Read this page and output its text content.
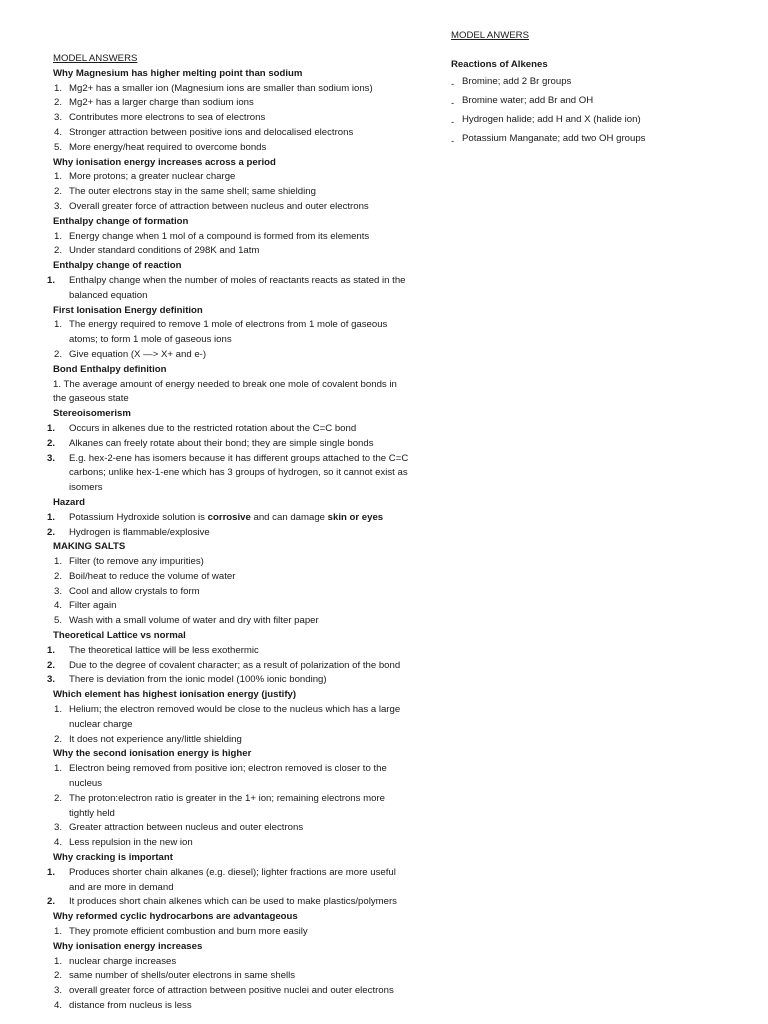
MODEL ANSWERS
Why Magnesium has higher melting point than sodium
1. Mg2+ has a smaller ion (Magnesium ions are smaller than sodium ions)
2. Mg2+ has a larger charge than sodium ions
3. Contributes more electrons to sea of electrons
4. Stronger attraction between positive ions and delocalised electrons
5. More energy/heat required to overcome bonds
Why ionisation energy increases across a period
1. More protons; a greater nuclear charge
2. The outer electrons stay in the same shell; same shielding
3. Overall greater force of attraction between nucleus and outer electrons
Enthalpy change of formation
1. Energy change when 1 mol of a compound is formed from its elements
2. Under standard conditions of 298K and 1atm
Enthalpy change of reaction
1. Enthalpy change when the number of moles of reactants reacts as stated in the
balanced equation
First Ionisation Energy definition
1. The energy required to remove 1 mole of electrons from 1 mole of gaseous
atoms; to form 1 mole of gaseous ions
2. Give equation (X —> X+ and e-)
Bond Enthalpy definition
1. The average amount of energy needed to break one mole of covalent bonds in
the gaseous state
Stereoisomerism
1. Occurs in alkenes due to the restricted rotation about the C=C bond
2. Alkanes can freely rotate about their bond; they are simple single bonds
3. E.g. hex-2-ene has isomers because it has different groups attached to the C=C
carbons; unlike hex-1-ene which has 3 groups of hydrogen, so it cannot exist as
isomers
Hazard
1. Potassium Hydroxide solution is corrosive and can damage skin or eyes
2. Hydrogen is flammable/explosive
MAKING SALTS
1. Filter (to remove any impurities)
2. Boil/heat to reduce the volume of water
3. Cool and allow crystals to form
4. Filter again
5. Wash with a small volume of water and dry with filter paper
Theoretical Lattice vs normal
1. The theoretical lattice will be less exothermic
2. Due to the degree of covalent character; as a result of polarization of the bond
3. There is deviation from the ionic model (100% ionic bonding)
Which element has highest ionisation energy (justify)
1. Helium; the electron removed would be close to the nucleus which has a large
nuclear charge
2. It does not experience any/little shielding
Why the second ionisation energy is higher
1. Electron being removed from positive ion; electron removed is closer to the
nucleus
2. The proton:electron ratio is greater in the 1+ ion; remaining electrons more
tightly held
3. Greater attraction between nucleus and outer electrons
4. Less repulsion in the new ion
Why cracking is important
1. Produces shorter chain alkanes (e.g. diesel); lighter fractions are more useful
and are more in demand
2. It produces short chain alkenes which can be used to make plastics/polymers
Why reformed cyclic hydrocarbons are advantageous
1. They promote efficient combustion and burn more easily
Why ionisation energy increases
1. nuclear charge increases
2. same number of shells/outer electrons in same shells
3. overall greater force of attraction between positive nuclei and outer electrons
4. distance from nucleus is less
MODEL ANWERS
Reactions of Alkenes
- Bromine; add 2 Br groups
- Bromine water; add Br and OH
- Hydrogen halide; add H and X (halide ion)
- Potassium Manganate; add two OH groups
